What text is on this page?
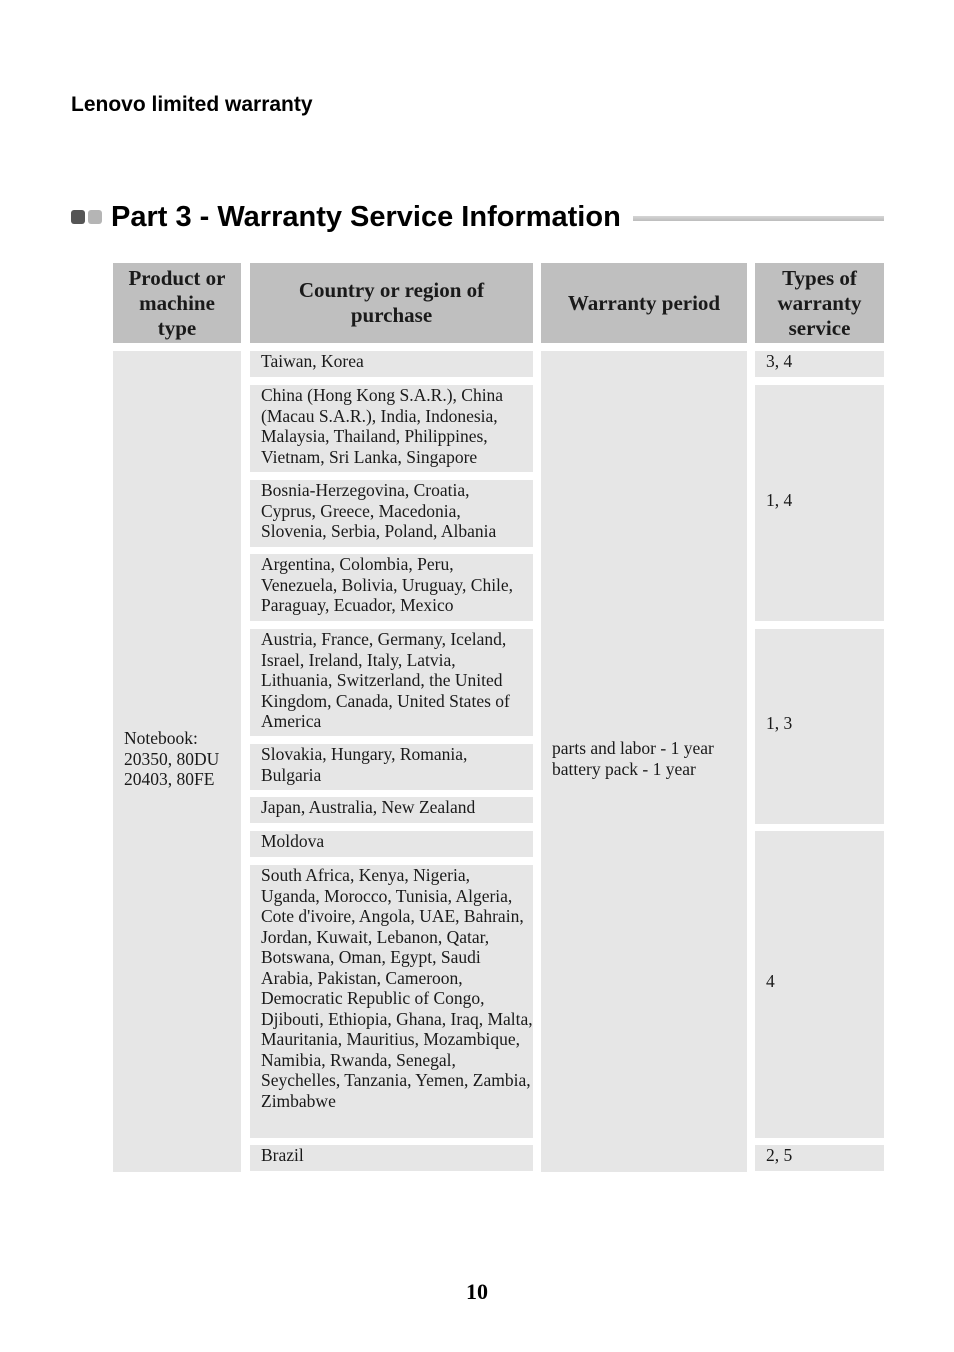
Lenovo limited warranty
Part 3 - Warranty Service Information
Product or machine type
Country or region of purchase
Warranty period
Types of warranty service
Notebook: 20350, 80DU 20403, 80FE
Taiwan, Korea
China (Hong Kong S.A.R.), China (Macau S.A.R.), India, Indonesia, Malaysia, Thailand, Philippines, Vietnam, Sri Lanka, Singapore
Bosnia-Herzegovina, Croatia, Cyprus, Greece, Macedonia, Slovenia, Serbia, Poland, Albania
Argentina, Colombia, Peru, Venezuela, Bolivia, Uruguay, Chile, Paraguay, Ecuador, Mexico
Austria, France, Germany, Iceland, Israel, Ireland, Italy, Latvia, Lithuania, Switzerland, the United Kingdom, Canada, United States of America
Slovakia, Hungary, Romania, Bulgaria
Japan, Australia, New Zealand
Moldova
South Africa, Kenya, Nigeria, Uganda, Morocco, Tunisia, Algeria, Cote d'ivoire, Angola, UAE, Bahrain, Jordan, Kuwait, Lebanon, Qatar, Botswana, Oman, Egypt, Saudi Arabia, Pakistan, Cameroon, Democratic Republic of Congo, Djibouti, Ethiopia, Ghana, Iraq, Malta, Mauritania, Mauritius, Mozambique, Namibia, Rwanda, Senegal, Seychelles, Tanzania, Yemen, Zambia, Zimbabwe
Brazil
parts and labor - 1 year battery pack - 1 year
3, 4
1, 4
1, 3
4
2, 5
10
